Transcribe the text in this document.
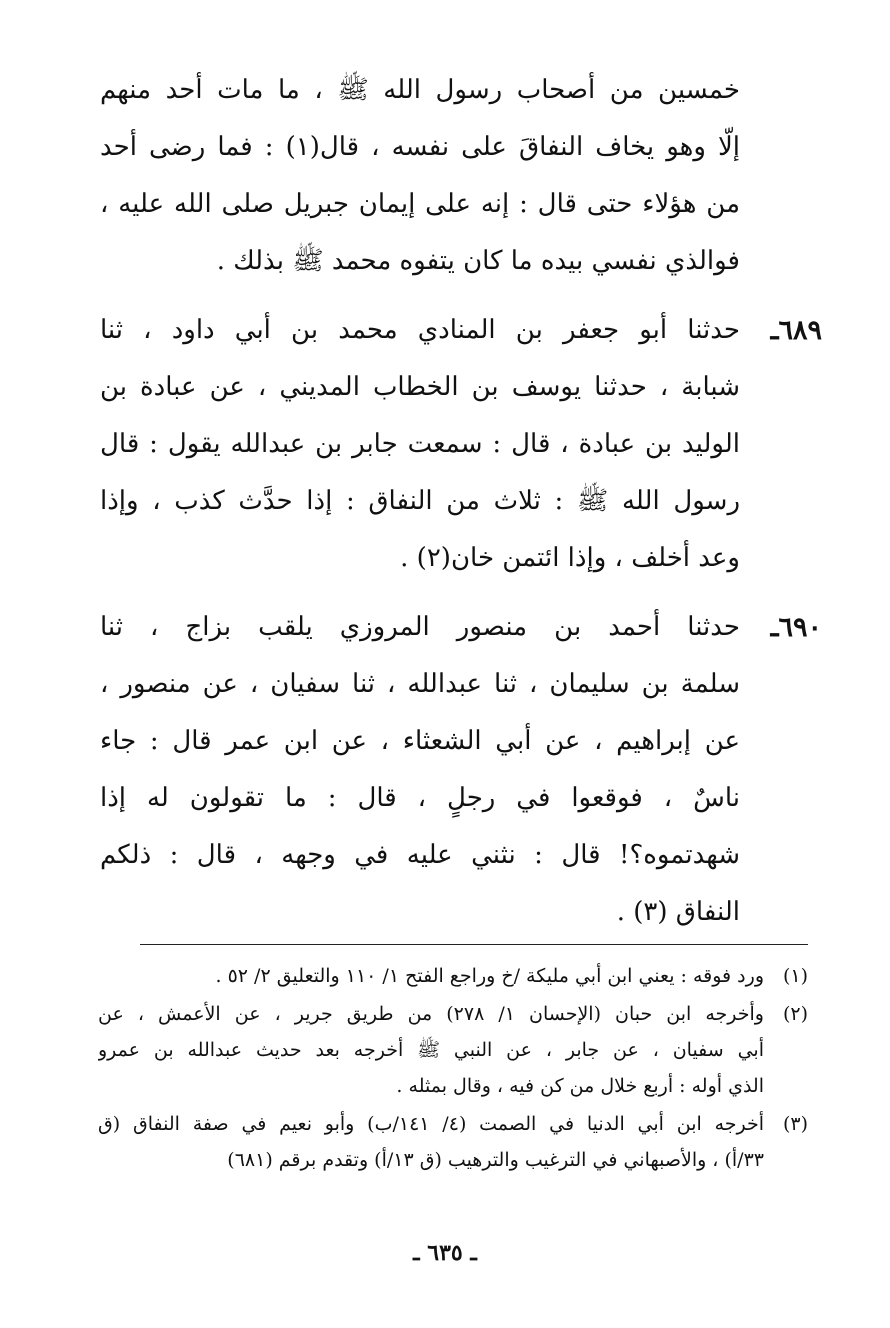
خمسين من أصحاب رسول الله ﷺ ، ما مات أحد منهم
إلّا وهو يخاف النفاقَ على نفسه ، قال(١) : فما رضى أحد
من هؤلاء حتى قال : إنه على إيمان جبريل صلى الله عليه ،
فوالذي نفسي بيده ما كان يتفوه محمد ﷺ بذلك .
٦٨٩ـ
حدثنا أبو جعفر بن المنادي محمد بن أبي داود ، ثنا
شبابة ، حدثنا يوسف بن الخطاب المديني ، عن عبادة بن
الوليد بن عبادة ، قال : سمعت جابر بن عبدالله يقول : قال
رسول الله ﷺ : ثلاث من النفاق : إذا حدَّث كذب ، وإذا
وعد أخلف ، وإذا ائتمن خان(٢) .
٦٩٠ـ
حدثنا أحمد بن منصور المروزي يلقب بزاج ، ثنا
سلمة بن سليمان ، ثنا عبدالله ، ثنا سفيان ، عن منصور ،
عن إبراهيم ، عن أبي الشعثاء ، عن ابن عمر قال : جاء
ناسٌ ، فوقعوا في رجلٍ ، قال : ما تقولون له إذا
شهدتموه؟! قال : نثني عليه في وجهه ، قال : ذلكم
النفاق (٣) .
(١)
ورد فوقه : يعني ابن أبي مليكة /خ وراجع الفتح ١/ ١١٠ والتعليق ٢/ ٥٢ .
(٢)
وأخرجه ابن حبان (الإحسان ١/ ٢٧٨) من طريق جرير ، عن الأعمش ، عن
أبي سفيان ، عن جابر ، عن النبي ﷺ أخرجه بعد حديث عبدالله بن عمرو
الذي أوله : أربع خلال من كن فيه ، وقال بمثله .
(٣)
أخرجه ابن أبي الدنيا في الصمت (٤/ ١٤١/ب) وأبو نعيم في صفة النفاق (ق
٣٣/أ) ، والأصبهاني في الترغيب والترهيب (ق ١٣/أ) وتقدم برقم (٦٨١)
ـ ٦٣٥ ـ
